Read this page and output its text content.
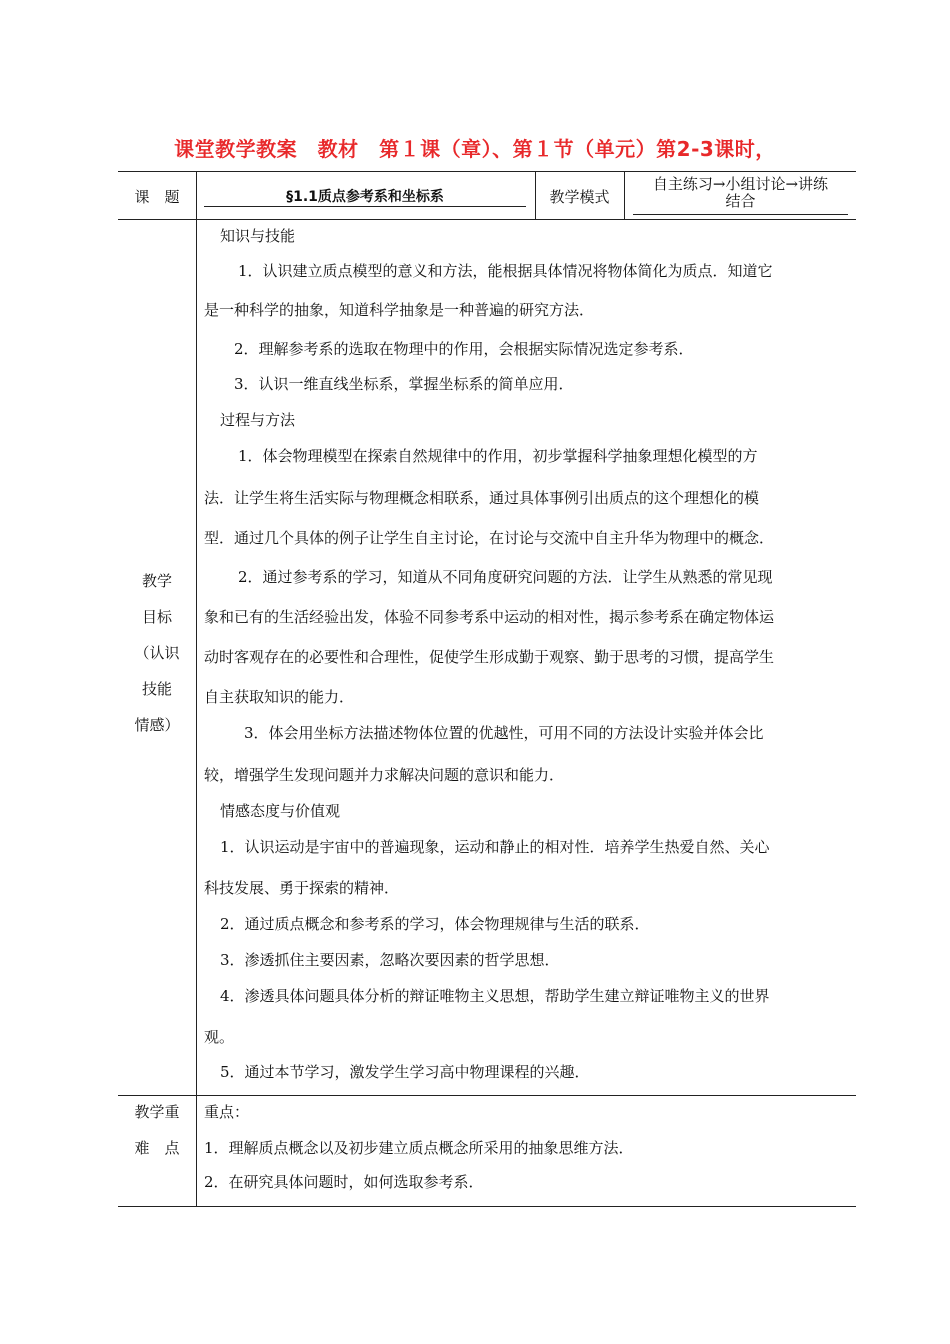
课堂教学教案　教材　第１课（章）、第１节（单元）第2-3课时，
课　题	§1.1质点参考系和坐标系	教学模式
自主练习→小组讨论→讲练
结合
教学
目标
（认识
技能
情感）
知识与技能
1．认识建立质点模型的意义和方法，能根据具体情况将物体简化为质点．知道它
是一种科学的抽象，知道科学抽象是一种普遍的研究方法．
2．理解参考系的选取在物理中的作用，会根据实际情况选定参考系．
3．认识一维直线坐标系，掌握坐标系的简单应用．
过程与方法
1．体会物理模型在探索自然规律中的作用，初步掌握科学抽象理想化模型的方
法．让学生将生活实际与物理概念相联系，通过具体事例引出质点的这个理想化的模
型．通过几个具体的例子让学生自主讨论，在讨论与交流中自主升华为物理中的概念．
2．通过参考系的学习，知道从不同角度研究问题的方法．让学生从熟悉的常见现
象和已有的生活经验出发，体验不同参考系中运动的相对性，揭示参考系在确定物体运
动时客观存在的必要性和合理性，促使学生形成勤于观察、勤于思考的习惯，提高学生
自主获取知识的能力．
3．体会用坐标方法描述物体位置的优越性，可用不同的方法设计实验并体会比
较，增强学生发现问题并力求解决问题的意识和能力．
情感态度与价值观
1．认识运动是宇宙中的普遍现象，运动和静止的相对性．培养学生热爱自然、关心
科技发展、勇于探索的精神．
2．通过质点概念和参考系的学习，体会物理规律与生活的联系．
3．渗透抓住主要因素，忽略次要因素的哲学思想．
4．渗透具体问题具体分析的辩证唯物主义思想，帮助学生建立辩证唯物主义的世界
观。
5．通过本节学习，激发学生学习高中物理课程的兴趣．
教学重
难　点
重点：
1．理解质点概念以及初步建立质点概念所采用的抽象思维方法．
2．在研究具体问题时，如何选取参考系．
